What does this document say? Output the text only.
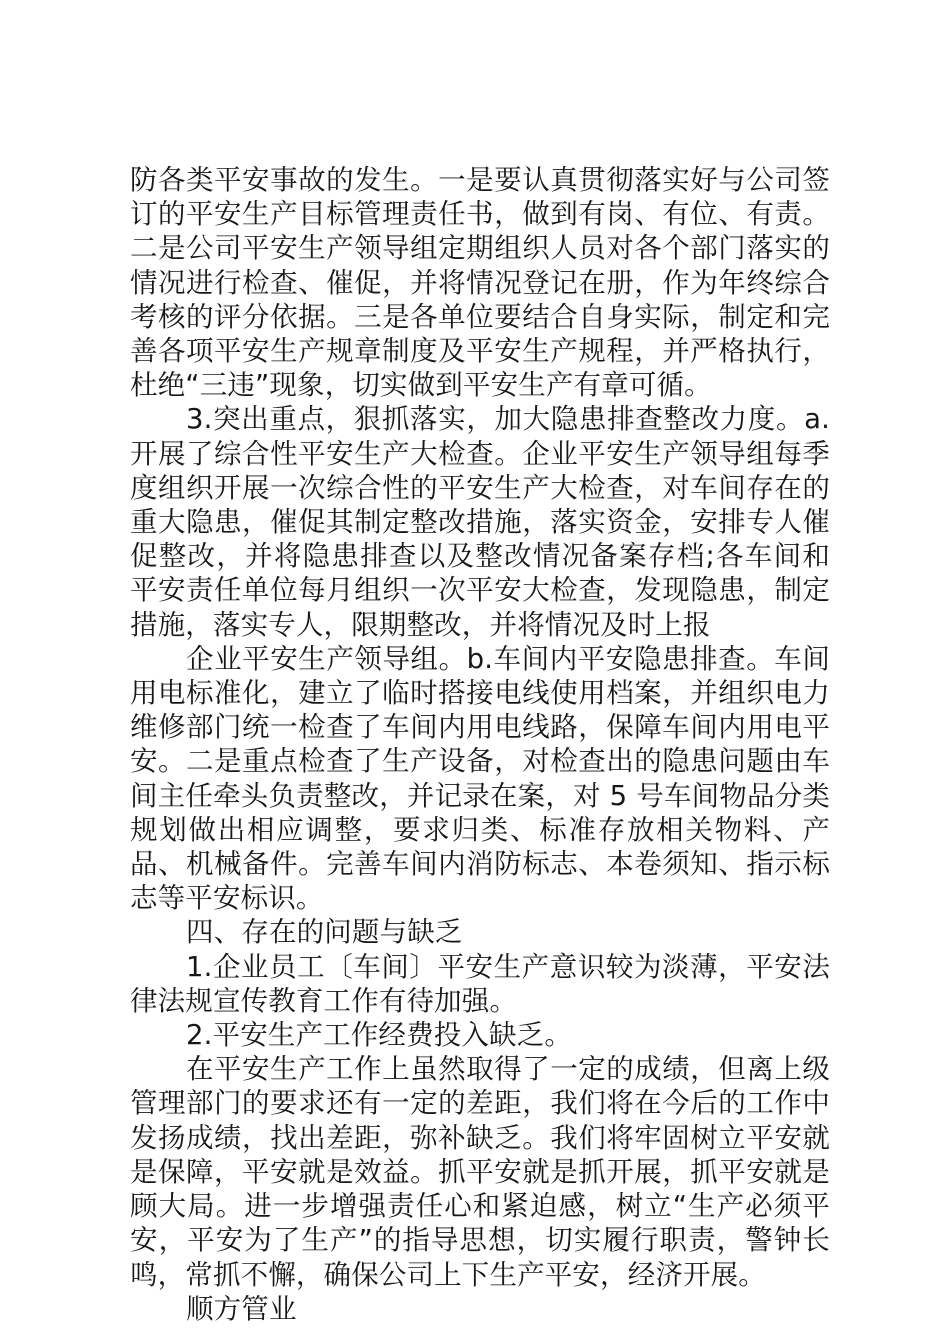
防各类平安事故的发生。一是要认真贯彻落实好与公司签订的平安生产目标管理责任书，做到有岗、有位、有责。二是公司平安生产领导组定期组织人员对各个部门落实的情况进行检查、催促，并将情况登记在册，作为年终综合考核的评分依据。三是各单位要结合自身实际，制定和完善各项平安生产规章制度及平安生产规程，并严格执行，杜绝“三违”现象，切实做到平安生产有章可循。

3.突出重点，狠抓落实，加大隐患排查整改力度。a.开展了综合性平安生产大检查。企业平安生产领导组每季度组织开展一次综合性的平安生产大检查，对车间存在的重大隐患，催促其制定整改措施，落实资金，安排专人催促整改，并将隐患排查以及整改情况备案存档;各车间和平安责任单位每月组织一次平安大检查，发现隐患，制定措施，落实专人，限期整改，并将情况及时上报

企业平安生产领导组。b.车间内平安隐患排查。车间用电标准化，建立了临时搭接电线使用档案，并组织电力维修部门统一检查了车间内用电线路，保障车间内用电平安。二是重点检查了生产设备，对检查出的隐患问题由车间主任牵头负责整改，并记录在案，对 5 号车间物品分类规划做出相应调整，要求归类、标准存放相关物料、产品、机械备件。完善车间内消防标志、本卷须知、指示标志等平安标识。

四、存在的问题与缺乏

1.企业员工〔车间〕平安生产意识较为淡薄，平安法律法规宣传教育工作有待加强。

2.平安生产工作经费投入缺乏。

在平安生产工作上虽然取得了一定的成绩，但离上级管理部门的要求还有一定的差距，我们将在今后的工作中发扬成绩，找出差距，弥补缺乏。我们将牢固树立平安就是保障，平安就是效益。抓平安就是抓开展，抓平安就是顾大局。进一步增强责任心和紧迫感，树立“生产必须平安，平安为了生产”的指导思想，切实履行职责，警钟长鸣，常抓不懈，确保公司上下生产平安，经济开展。

顺方管业
